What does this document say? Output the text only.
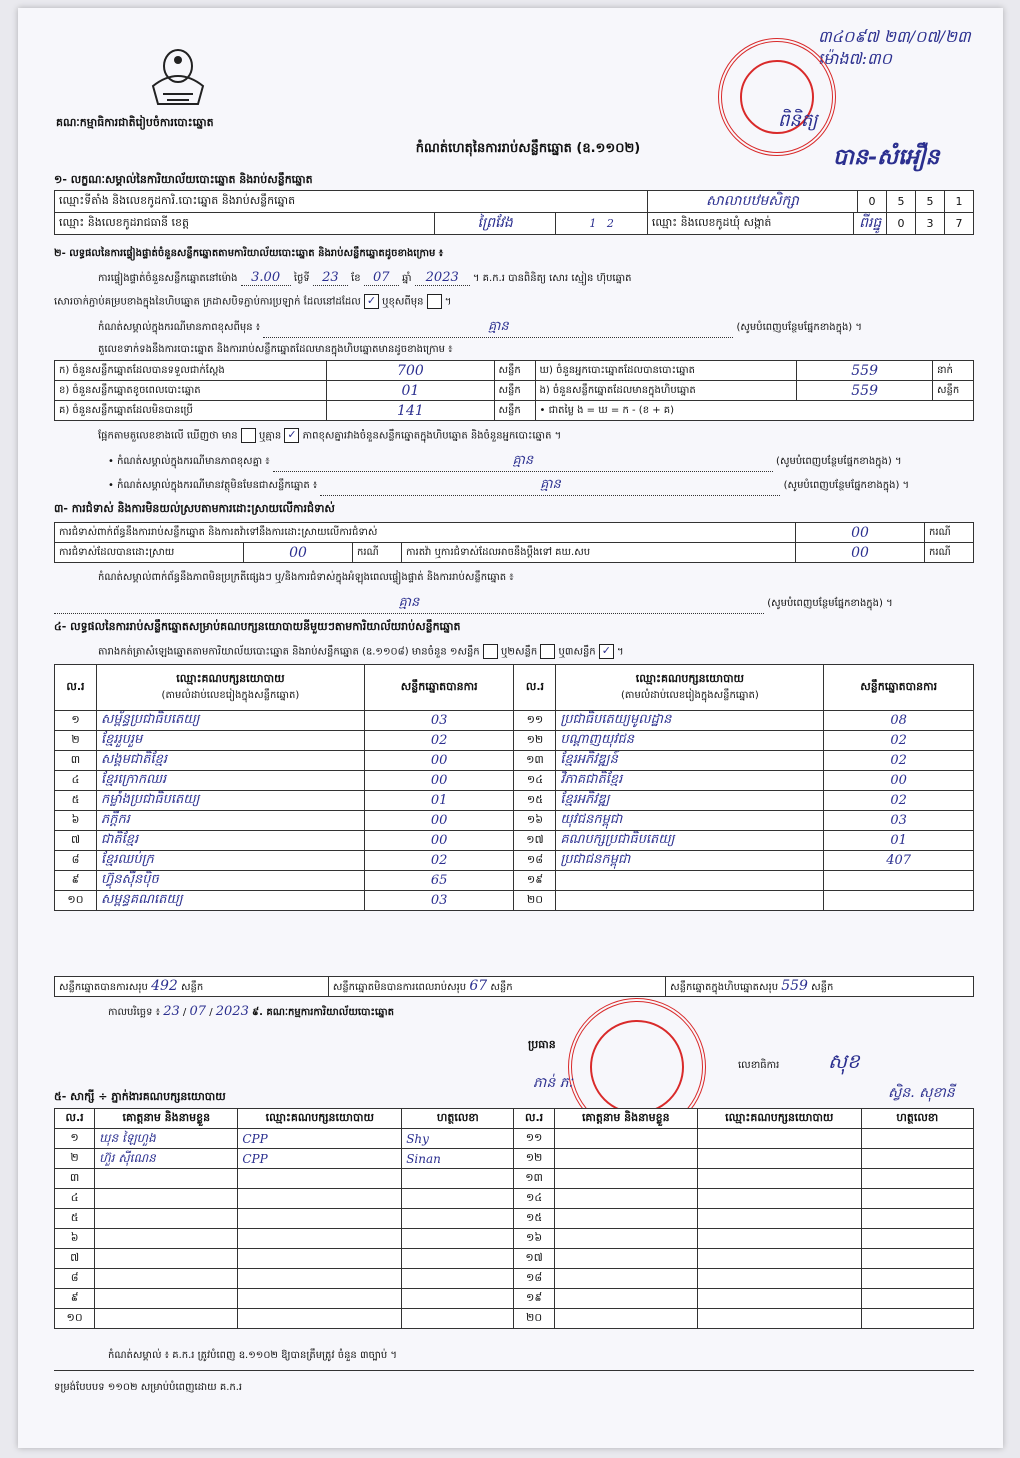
គណៈកម្មាធិការជាតិរៀបចំការបោះឆ្នោត
៣៤០៩៧ ២៣/០៧/២៣ ម៉ោង៧:៣០
ពិនិត្យ
បាន-សំអឿន
កំណត់ហេតុនៃការរាប់សន្លឹកឆ្នោត (ឧ.១១០២)
១- លក្ខណៈសម្គាល់នៃការិយាល័យបោះឆ្នោត និងរាប់សន្លឹកឆ្នោត
ឈ្មោះទីតាំង និងលេខកូដការិ.បោះឆ្នោត និងរាប់សន្លឹកឆ្នោត			សាលាបឋមសិក្សា		0	5	5	1
ឈ្មោះ និងលេខកូដរាជធានី ខេត្ត	ព្រៃវែង	1 2	ឈ្មោះ និងលេខកូដឃុំ សង្កាត់	ពីរធ្នូ		0	3	7
២- លទ្ធផលនៃការផ្ទៀងផ្ទាត់ចំនួនសន្លឹកឆ្នោតតាមការិយាល័យបោះឆ្នោត និងរាប់សន្លឹកឆ្នោតដូចខាងក្រោម ៖
ការផ្ទៀងផ្ទាត់ចំនួនសន្លឹកឆ្នោតនៅម៉ោង 3.00 ថ្ងៃទី 23 ខែ 07 ឆ្នាំ 2023 ។ គ.ក.រ បានពិនិត្យ សោរ ស្មៀន ហ៊ុបឆ្នោត
សោរចាក់ភ្ជាប់គម្របខាងក្នុងនៃហិបឆ្នោត ក្រដាសបិទភ្ជាប់ការប្រឡាក់ ដែលនៅដដែល ✓ ឬខុសពីមុន  ។
កំណត់សម្គាល់ក្នុងករណីមានភាពខុសពីមុន ៖	គ្មាន	(សូមបំពេញបន្ថែមផ្នែកខាងក្នុង) ។
តួលេខទាក់ទងនឹងការបោះឆ្នោត និងការរាប់សន្លឹកឆ្នោតដែលមានក្នុងហិបឆ្នោតមានដូចខាងក្រោម ៖
ក) ចំនួនសន្លឹកឆ្នោតដែលបានទទួលជាក់ស្តែង	700	សន្លឹក	ឃ) ចំនួនអ្នកបោះឆ្នោតដែលបានបោះឆ្នោត	559	នាក់
ខ) ចំនួនសន្លឹកឆ្នោតខូចពេលបោះឆ្នោត	01	សន្លឹក	ង) ចំនួនសន្លឹកឆ្នោតដែលមានក្នុងហិបឆ្នោត	559	សន្លឹក
គ) ចំនួនសន្លឹកឆ្នោតដែលមិនបានប្រើ	141	សន្លឹក	• ជាតម្លៃ ង = ឃ = ក - (ខ + គ)		
ផ្អែកតាមតួលេខខាងលើ ឃើញថា មាន ឬគ្មាន ✓ ភាពខុសគ្នារវាងចំនួនសន្លឹកឆ្នោតក្នុងហិបឆ្នោត និងចំនួនអ្នកបោះឆ្នោត ។
• កំណត់សម្គាល់ក្នុងករណីមានភាពខុសគ្នា ៖	គ្មាន	(សូមបំពេញបន្ថែមផ្នែកខាងក្នុង) ។
• កំណត់សម្គាល់ក្នុងករណីមានវត្ថុមិនមែនជាសន្លឹកឆ្នោត ៖	គ្មាន	(សូមបំពេញបន្ថែមផ្នែកខាងក្នុង) ។
៣- ការជំទាស់ និងការមិនយល់ស្របតាមការដោះស្រាយលើការជំទាស់
ការជំទាស់ពាក់ព័ន្ធនឹងការរាប់សន្លឹកឆ្នោត និងការតវ៉ាទៅនឹងការដោះស្រាយលើការជំទាស់				00	ករណី
ការជំទាស់ដែលបានដោះស្រាយ	00	ករណី	ការតវ៉ា ឬការជំទាស់ដែលអាចនឹងប្តឹងទៅ គឃ.សប	00	ករណី
កំណត់សម្គាល់ពាក់ព័ន្ធនឹងភាពមិនប្រក្រតីផ្សេងៗ ឬ/និងការជំទាស់ក្នុងអំឡុងពេលផ្ទៀងផ្ទាត់ និងការរាប់សន្លឹកឆ្នោត ៖
គ្មាន	(សូមបំពេញបន្ថែមផ្នែកខាងក្នុង) ។
៤- លទ្ធផលនៃការរាប់សន្លឹកឆ្នោតសម្រាប់គណបក្សនយោបាយនីមួយៗតាមការិយាល័យរាប់សន្លឹកឆ្នោត
តារាងកត់ត្រាសំឡេងឆ្នោតតាមការិយាល័យបោះឆ្នោត និងរាប់សន្លឹកឆ្នោត (ឧ.១១០៨) មានចំនួន ១សន្លឹក ឬ២សន្លឹក ឬ៣សន្លឹក ✓ ។
ល.រ	ឈ្មោះគណបក្សនយោបាយ
(តាមលំដាប់លេខរៀងក្នុងសន្លឹកឆ្នោត)	សន្លឹកឆ្នោតបានការ	ល.រ	ឈ្មោះគណបក្សនយោបាយ
(តាមលំដាប់លេខរៀងក្នុងសន្លឹកឆ្នោត)	សន្លឹកឆ្នោតបានការ
១	សម្ព័ន្ធប្រជាធិបតេយ្យ	03	១១	ប្រជាធិបតេយ្យមូលដ្ឋាន	08
២	ខ្មែររួបរួម	02	១២	បណ្ដាញយុវជន	02
៣	សង្គមជាតិខ្មែរ	00	១៣	ខ្មែរអភិវឌ្ឍន៍	02
៤	ខ្មែរក្រោកឈរ	00	១៤	វិភាគជាតិខ្មែរ	00
៥	កម្លាំងប្រជាធិបតេយ្យ	01	១៥	ខ្មែរអភិវឌ្ឍ	02
៦	ភក្ដីករ	00	១៦	យុវជនកម្ពុជា	03
៧	ជាតិខ្មែរ	00	១៧	គណបក្សប្រជាធិបតេយ្យ	01
៨	ខ្មែរឈប់ក្រ	02	១៨	ប្រជាជនកម្ពុជា	407
៩	ហ៊្វុនស៊ីនប៉ិច	65	១៩		
១០	សម្ពន្ធគណតេយ្យ	03	២០		
សន្លឹកឆ្នោតបានការសរុប 492 សន្លឹក	សន្លឹកឆ្នោតមិនបានការពេលរាប់សរុប 67 សន្លឹក	សន្លឹកឆ្នោតក្នុងហិបឆ្នោតសរុប 559 សន្លឹក
កាលបរិច្ឆេទ ៖ 23 / 07 / 2023 ៩. គណៈកម្មការការិយាល័យបោះឆ្នោត
ប្រធាន
ភាន់ ភៈ
លេខាធិការ សុខ
ស្វិន. សុខានី
៥- សាក្សី ÷ ភ្នាក់ងារគណបក្សនយោបាយ
ល.រ	គោត្តនាម និងនាមខ្លួន	ឈ្មោះគណបក្សនយោបាយ	ហត្ថលេខា	ល.រ	គោត្តនាម និងនាមខ្លួន	ឈ្មោះគណបក្សនយោបាយ	ហត្ថលេខា
១	ឃុន ឡៃហួង	CPP	Shy	១១			
២	ហ៊ួរ ស៊ីណេន	CPP	Sinan	១២			
៣				១៣			
៤				១៤			
៥				១៥			
៦				១៦			
៧				១៧			
៨				១៨			
៩				១៩			
១០				២០			
កំណត់សម្គាល់ ៖ គ.ក.រ ត្រូវបំពេញ ឧ.១១០២ ឱ្យបានត្រឹមត្រូវ ចំនួន ៣ច្បាប់ ។
ទម្រង់បែបបទ ១១០២ សម្រាប់បំពេញដោយ គ.ក.រ
